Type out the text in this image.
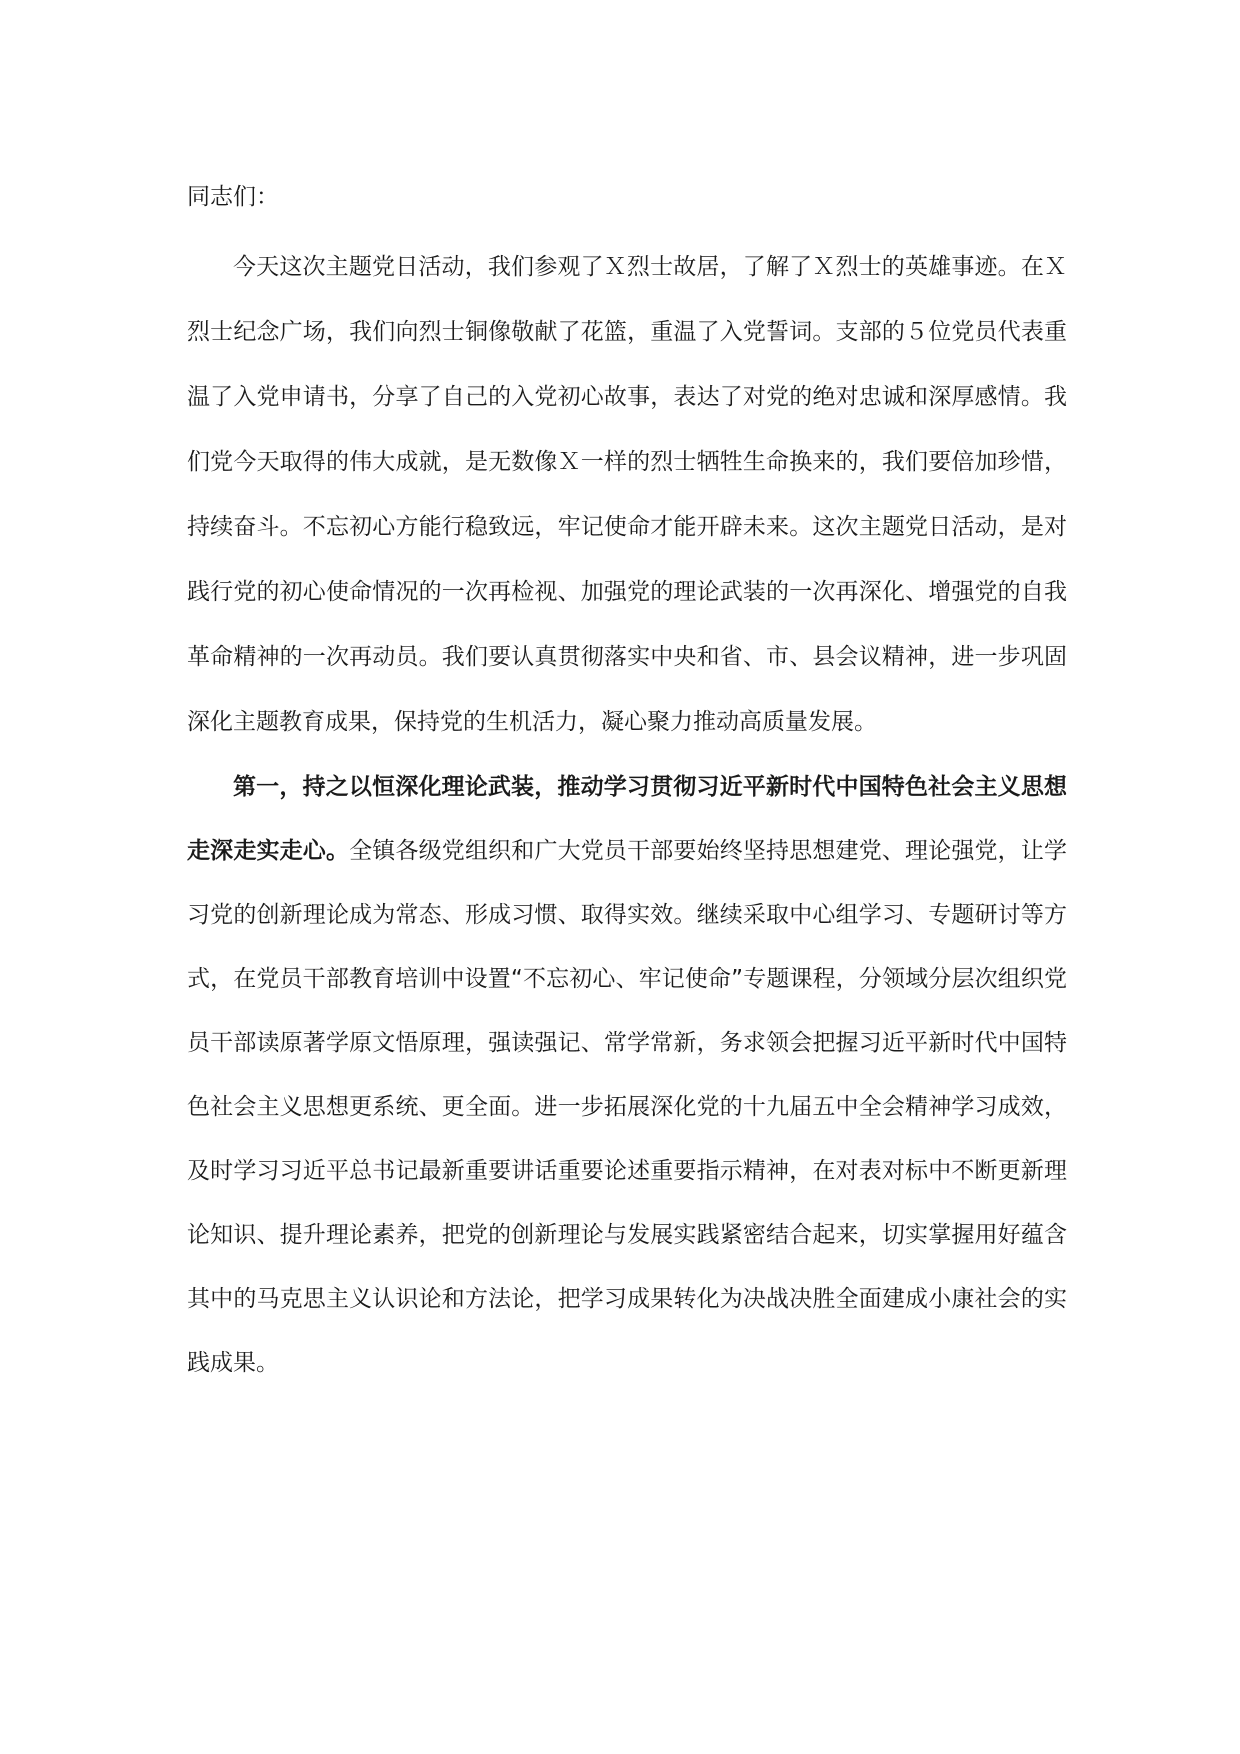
同志们：

今天这次主题党日活动，我们参观了Ｘ烈士故居，了解了Ｘ烈士的英雄事迹。在Ｘ烈士纪念广场，我们向烈士铜像敬献了花篮，重温了入党誓词。支部的５位党员代表重温了入党申请书，分享了自己的入党初心故事，表达了对党的绝对忠诚和深厚感情。我们党今天取得的伟大成就，是无数像Ｘ一样的烈士牺牲生命换来的，我们要倍加珍惜，持续奋斗。不忘初心方能行稳致远，牢记使命才能开辟未来。这次主题党日活动，是对践行党的初心使命情况的一次再检视、加强党的理论武装的一次再深化、增强党的自我革命精神的一次再动员。我们要认真贯彻落实中央和省、市、县会议精神，进一步巩固深化主题教育成果，保持党的生机活力，凝心聚力推动高质量发展。

第一，持之以恒深化理论武装，推动学习贯彻习近平新时代中国特色社会主义思想走深走实走心。全镇各级党组织和广大党员干部要始终坚持思想建党、理论强党，让学习党的创新理论成为常态、形成习惯、取得实效。继续采取中心组学习、专题研讨等方式，在党员干部教育培训中设置“不忘初心、牢记使命”专题课程，分领域分层次组织党员干部读原著学原文悟原理，强读强记、常学常新，务求领会把握习近平新时代中国特色社会主义思想更系统、更全面。进一步拓展深化党的十九届五中全会精神学习成效，及时学习习近平总书记最新重要讲话重要论述重要指示精神，在对表对标中不断更新理论知识、提升理论素养，把党的创新理论与发展实践紧密结合起来，切实掌握用好蕴含其中的马克思主义认识论和方法论，把学习成果转化为决战决胜全面建成小康社会的实践成果。
